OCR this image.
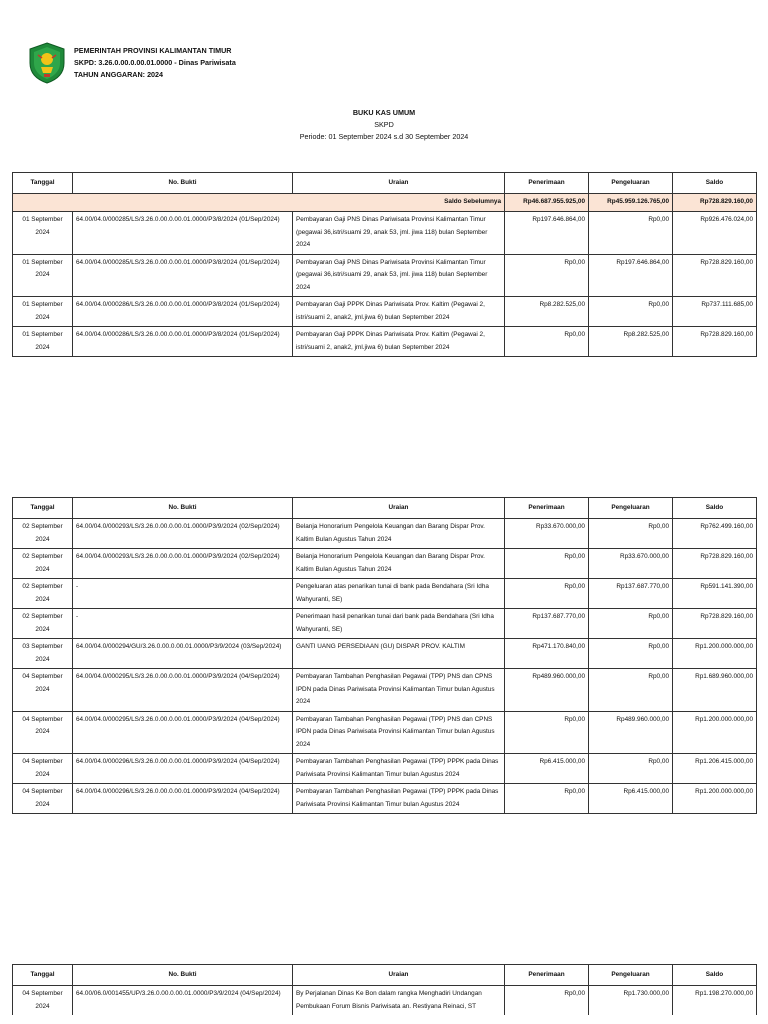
PEMERINTAH PROVINSI KALIMANTAN TIMUR
SKPD: 3.26.0.00.0.00.01.0000 - Dinas Pariwisata
TAHUN ANGGARAN: 2024
BUKU KAS UMUM
SKPD
Periode: 01 September 2024 s.d 30 September 2024
Tanggal	No. Bukti	Uraian	Penerimaan	Pengeluaran	Saldo
Saldo Sebelumnya			Rp46.687.955.925,00	Rp45.959.126.765,00	Rp728.829.160,00
01 September 2024	64.00/04.0/000285/LS/3.26.0.00.0.00.01.0000/P3/8/2024 (01/Sep/2024)	Pembayaran Gaji PNS Dinas Pariwisata Provinsi Kalimantan Timur (pegawai 36,istri/suami 29, anak 53, jml. jiwa 118) bulan September 2024	Rp197.646.864,00	Rp0,00	Rp926.476.024,00
01 September 2024	64.00/04.0/000285/LS/3.26.0.00.0.00.01.0000/P3/8/2024 (01/Sep/2024)	Pembayaran Gaji PNS Dinas Pariwisata Provinsi Kalimantan Timur (pegawai 36,istri/suami 29, anak 53, jml. jiwa 118) bulan September 2024	Rp0,00	Rp197.646.864,00	Rp728.829.160,00
01 September 2024	64.00/04.0/000286/LS/3.26.0.00.0.00.01.0000/P3/8/2024 (01/Sep/2024)	Pembayaran Gaji PPPK Dinas Pariwisata Prov. Kaltim (Pegawai 2, istri/suami 2, anak2, jml.jiwa 6) bulan September 2024	Rp8.282.525,00	Rp0,00	Rp737.111.685,00
01 September 2024	64.00/04.0/000286/LS/3.26.0.00.0.00.01.0000/P3/8/2024 (01/Sep/2024)	Pembayaran Gaji PPPK Dinas Pariwisata Prov. Kaltim (Pegawai 2, istri/suami 2, anak2, jml.jiwa 6) bulan September 2024	Rp0,00	Rp8.282.525,00	Rp728.829.160,00
Tanggal	No. Bukti	Uraian	Penerimaan	Pengeluaran	Saldo
02 September 2024	64.00/04.0/000293/LS/3.26.0.00.0.00.01.0000/P3/9/2024 (02/Sep/2024)	Belanja Honorarium Pengelola Keuangan dan Barang Dispar Prov. Kaltim Bulan Agustus Tahun 2024	Rp33.670.000,00	Rp0,00	Rp762.499.160,00
02 September 2024	64.00/04.0/000293/LS/3.26.0.00.0.00.01.0000/P3/9/2024 (02/Sep/2024)	Belanja Honorarium Pengelola Keuangan dan Barang Dispar Prov. Kaltim Bulan Agustus Tahun 2024	Rp0,00	Rp33.670.000,00	Rp728.829.160,00
02 September 2024	-	Pengeluaran atas penarikan tunai di bank pada Bendahara (Sri Idha Wahyuranti, SE)	Rp0,00	Rp137.687.770,00	Rp591.141.390,00
02 September 2024	-	Penerimaan hasil penarikan tunai dari bank pada Bendahara (Sri Idha Wahyuranti, SE)	Rp137.687.770,00	Rp0,00	Rp728.829.160,00
03 September 2024	64.00/04.0/000294/GU/3.26.0.00.0.00.01.0000/P3/9/2024 (03/Sep/2024)	GANTI UANG PERSEDIAAN (GU) DISPAR PROV. KALTIM	Rp471.170.840,00	Rp0,00	Rp1.200.000.000,00
04 September 2024	64.00/04.0/000295/LS/3.26.0.00.0.00.01.0000/P3/9/2024 (04/Sep/2024)	Pembayaran Tambahan Penghasilan Pegawai (TPP) PNS dan CPNS IPDN pada Dinas Pariwisata Provinsi Kalimantan Timur bulan Agustus 2024	Rp489.960.000,00	Rp0,00	Rp1.689.960.000,00
04 September 2024	64.00/04.0/000295/LS/3.26.0.00.0.00.01.0000/P3/9/2024 (04/Sep/2024)	Pembayaran Tambahan Penghasilan Pegawai (TPP) PNS dan CPNS IPDN pada Dinas Pariwisata Provinsi Kalimantan Timur bulan Agustus 2024	Rp0,00	Rp489.960.000,00	Rp1.200.000.000,00
04 September 2024	64.00/04.0/000296/LS/3.26.0.00.0.00.01.0000/P3/9/2024 (04/Sep/2024)	Pembayaran Tambahan Penghasilan Pegawai (TPP) PPPK pada Dinas Pariwisata Provinsi Kalimantan Timur bulan Agustus 2024	Rp6.415.000,00	Rp0,00	Rp1.206.415.000,00
04 September 2024	64.00/04.0/000296/LS/3.26.0.00.0.00.01.0000/P3/9/2024 (04/Sep/2024)	Pembayaran Tambahan Penghasilan Pegawai (TPP) PPPK pada Dinas Pariwisata Provinsi Kalimantan Timur bulan Agustus 2024	Rp0,00	Rp6.415.000,00	Rp1.200.000.000,00
Tanggal	No. Bukti	Uraian	Penerimaan	Pengeluaran	Saldo
04 September 2024	64.00/06.0/001455/UP/3.26.0.00.0.00.01.0000/P3/9/2024 (04/Sep/2024)	By Perjalanan Dinas Ke Bon dalam rangka Menghadiri Undangan Pembukaan Forum Bisnis Pariwisata an. Restiyana Reinaci, ST	Rp0,00	Rp1.730.000,00	Rp1.198.270.000,00
